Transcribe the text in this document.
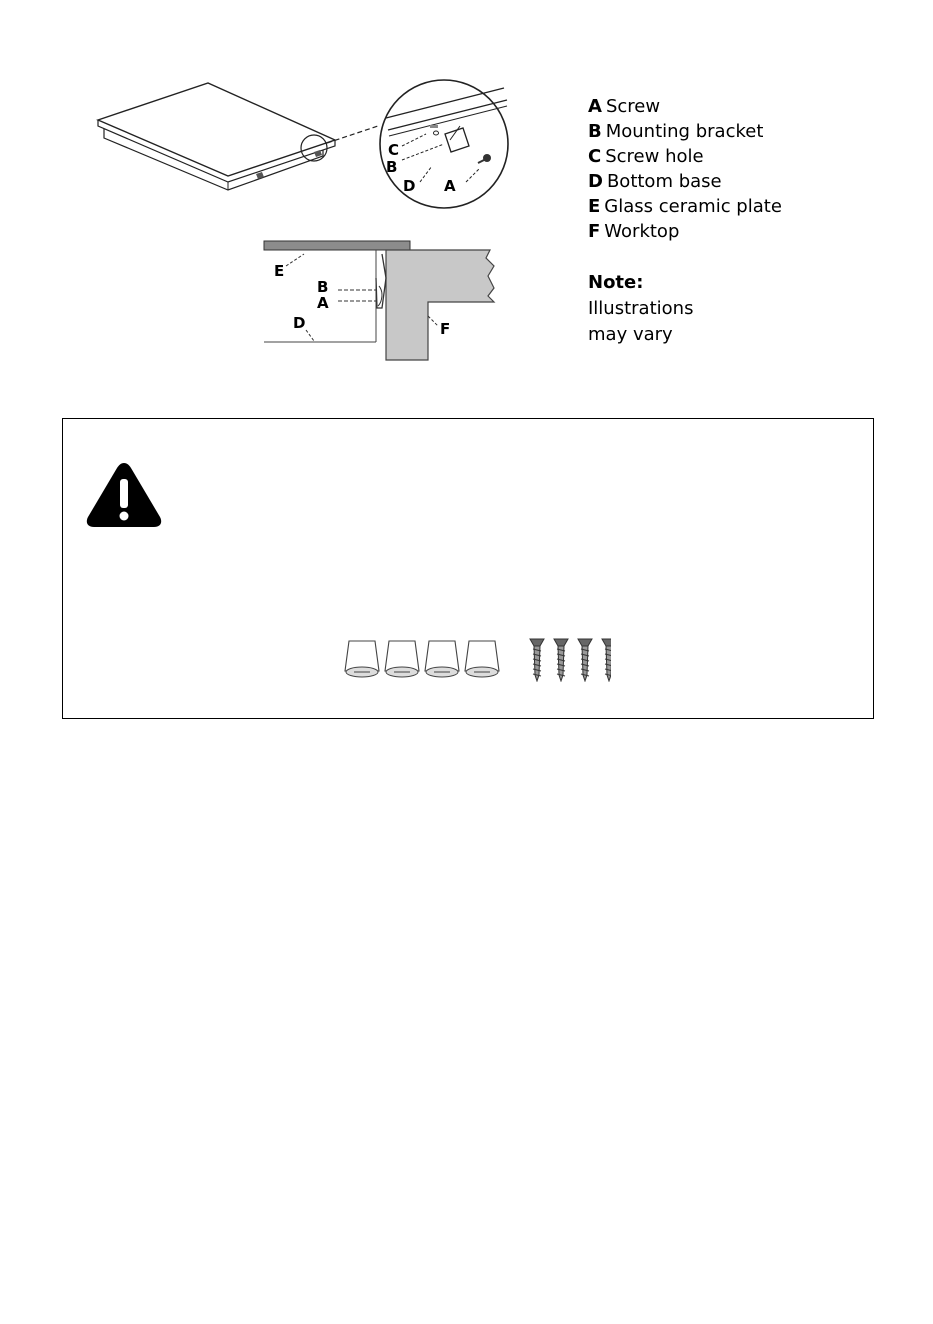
C
B
D A
E
B
A
D	F
A Screw
B Mounting bracket
C Screw hole
D Bottom base
E Glass ceramic plate
F Worktop
Note:
Illustrations
may vary
